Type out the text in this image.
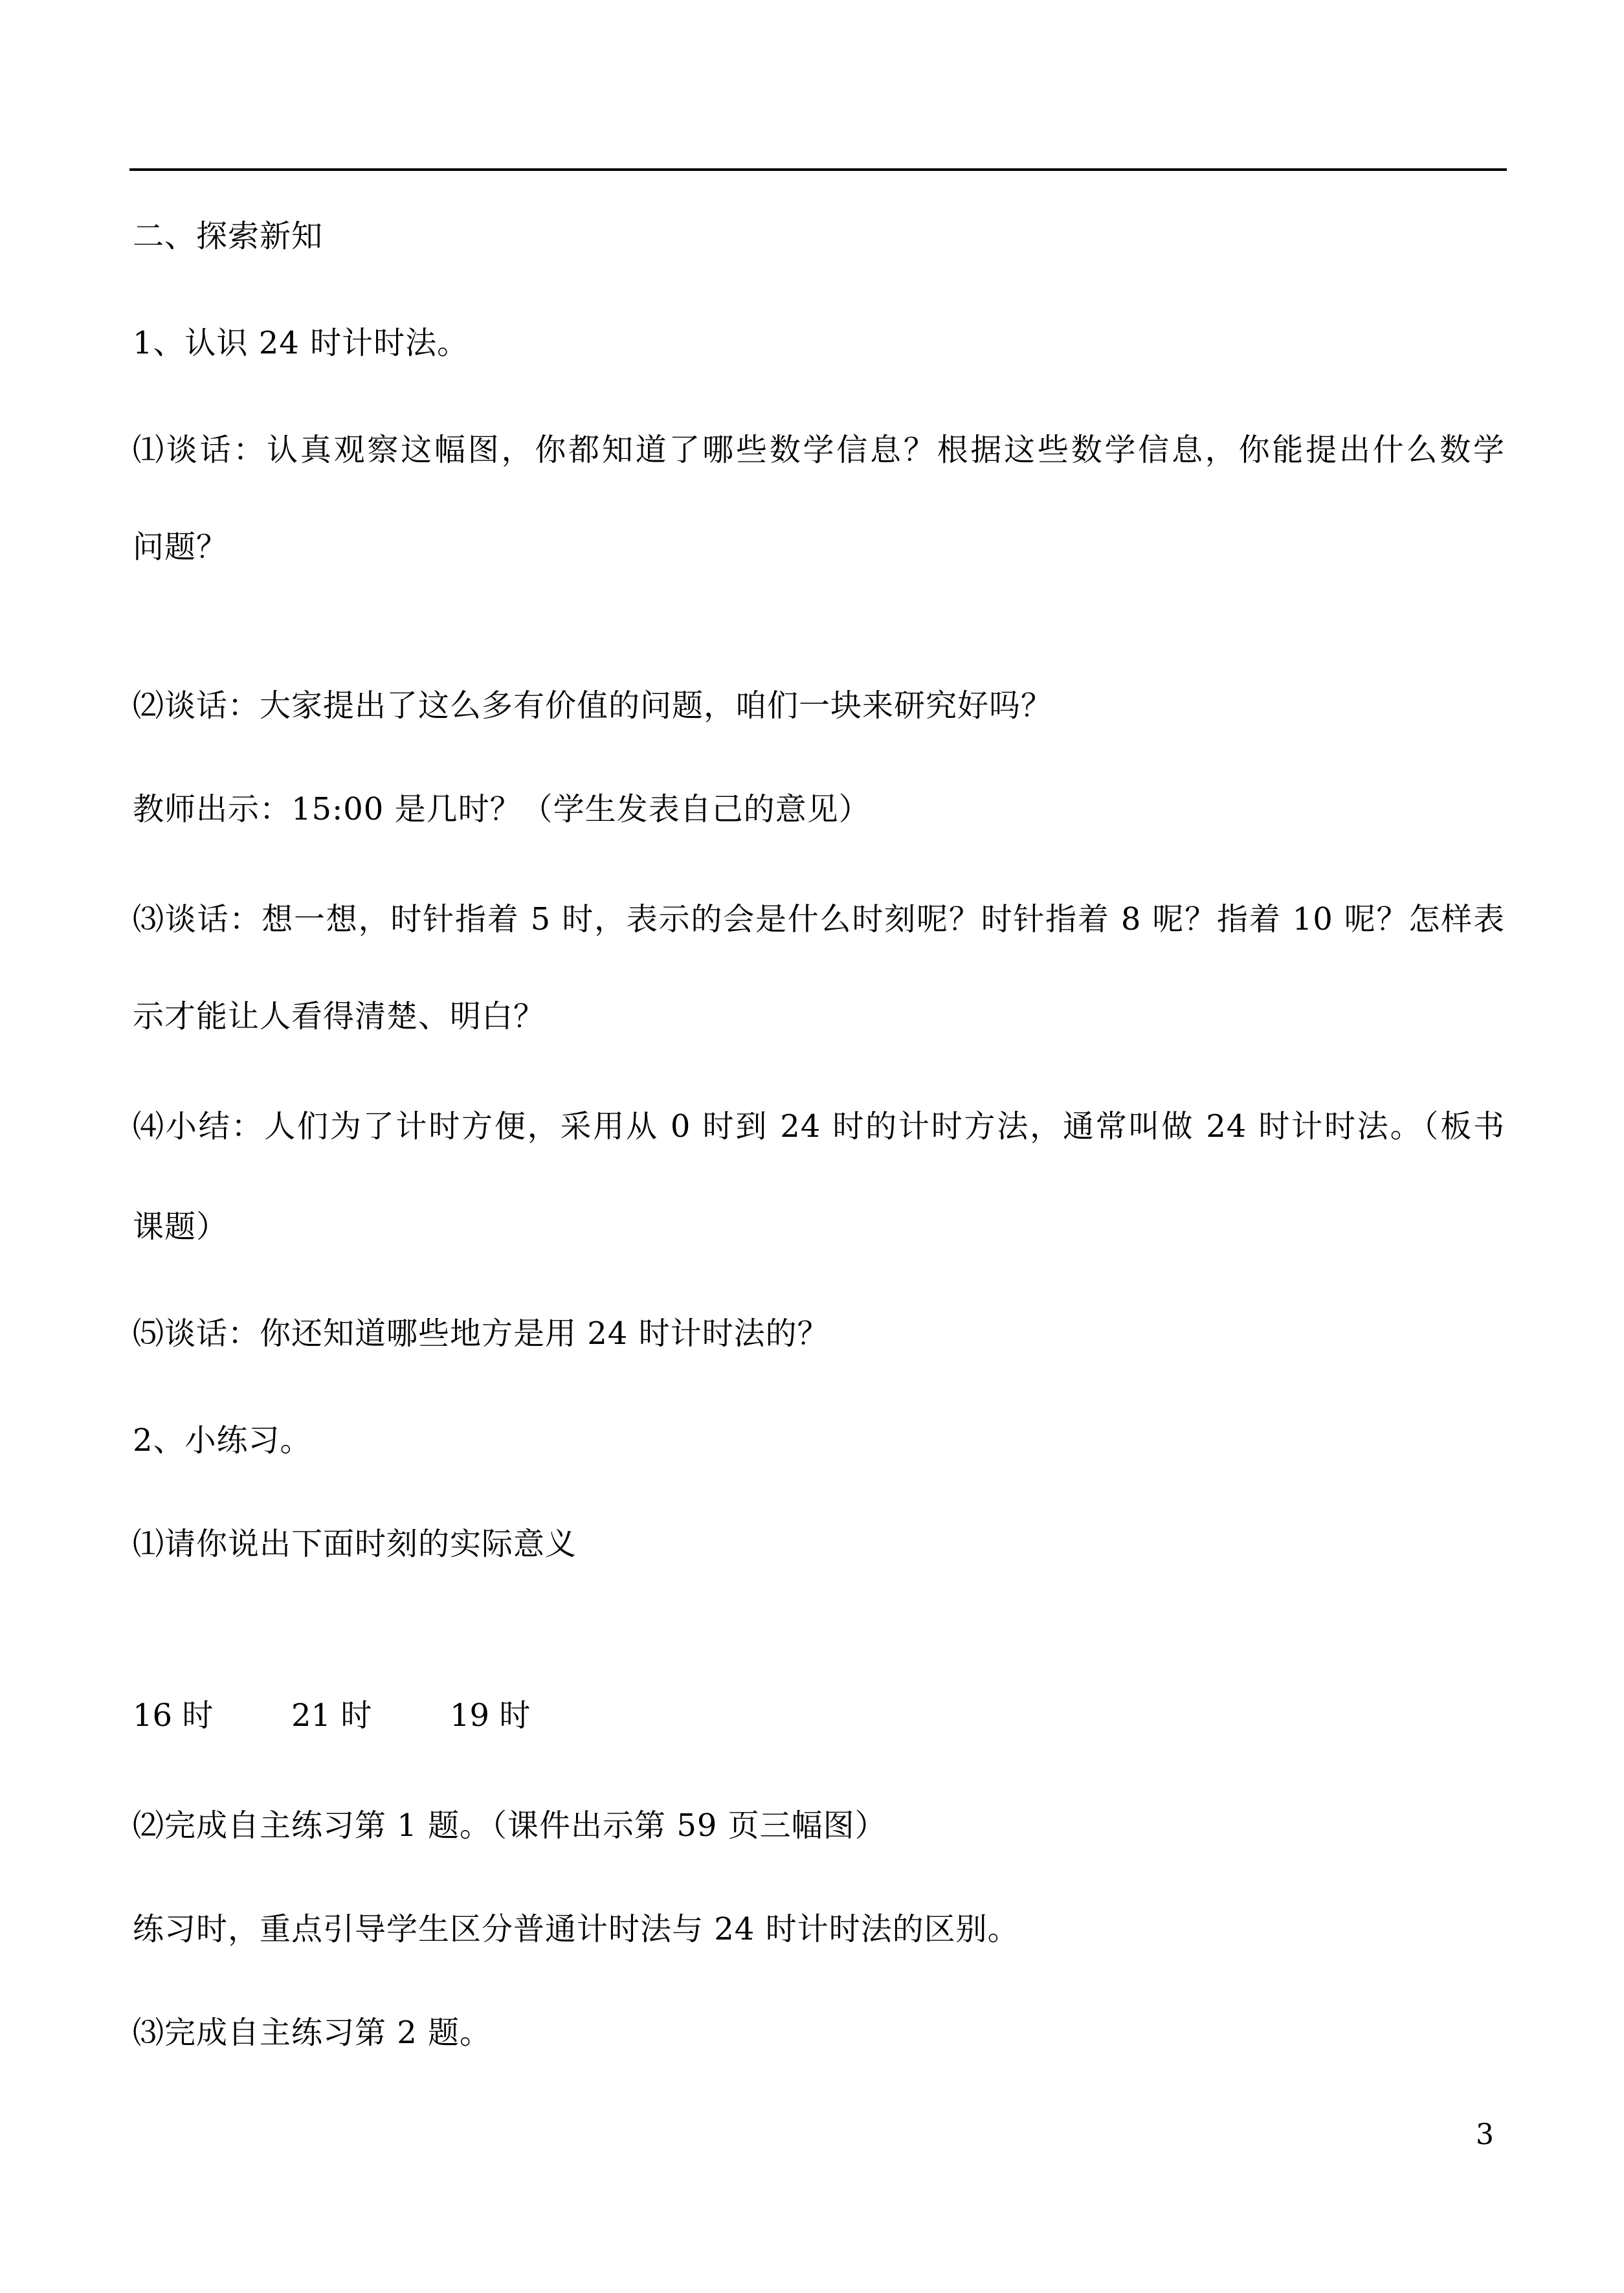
二、探索新知
1、认识 24 时计时法。
⑴谈话：认真观察这幅图，你都知道了哪些数学信息？根据这些数学信息，你能提出什么数学
问题？
⑵谈话：大家提出了这么多有价值的问题，咱们一块来研究好吗？
教师出示：15:00 是几时？（学生发表自己的意见）
⑶谈话：想一想，时针指着 5 时，表示的会是什么时刻呢？时针指着 8 呢？指着 10 呢？怎样表
示才能让人看得清楚、明白？
⑷小结：人们为了计时方便，采用从 0 时到 24 时的计时方法，通常叫做 24 时计时法。（板书
课题）
⑸谈话：你还知道哪些地方是用 24 时计时法的？
2、小练习。
⑴请你说出下面时刻的实际意义
16 时	21 时	19 时
⑵完成自主练习第 1 题。（课件出示第 59 页三幅图）
练习时，重点引导学生区分普通计时法与 24 时计时法的区别。
⑶完成自主练习第 2 题。
3
